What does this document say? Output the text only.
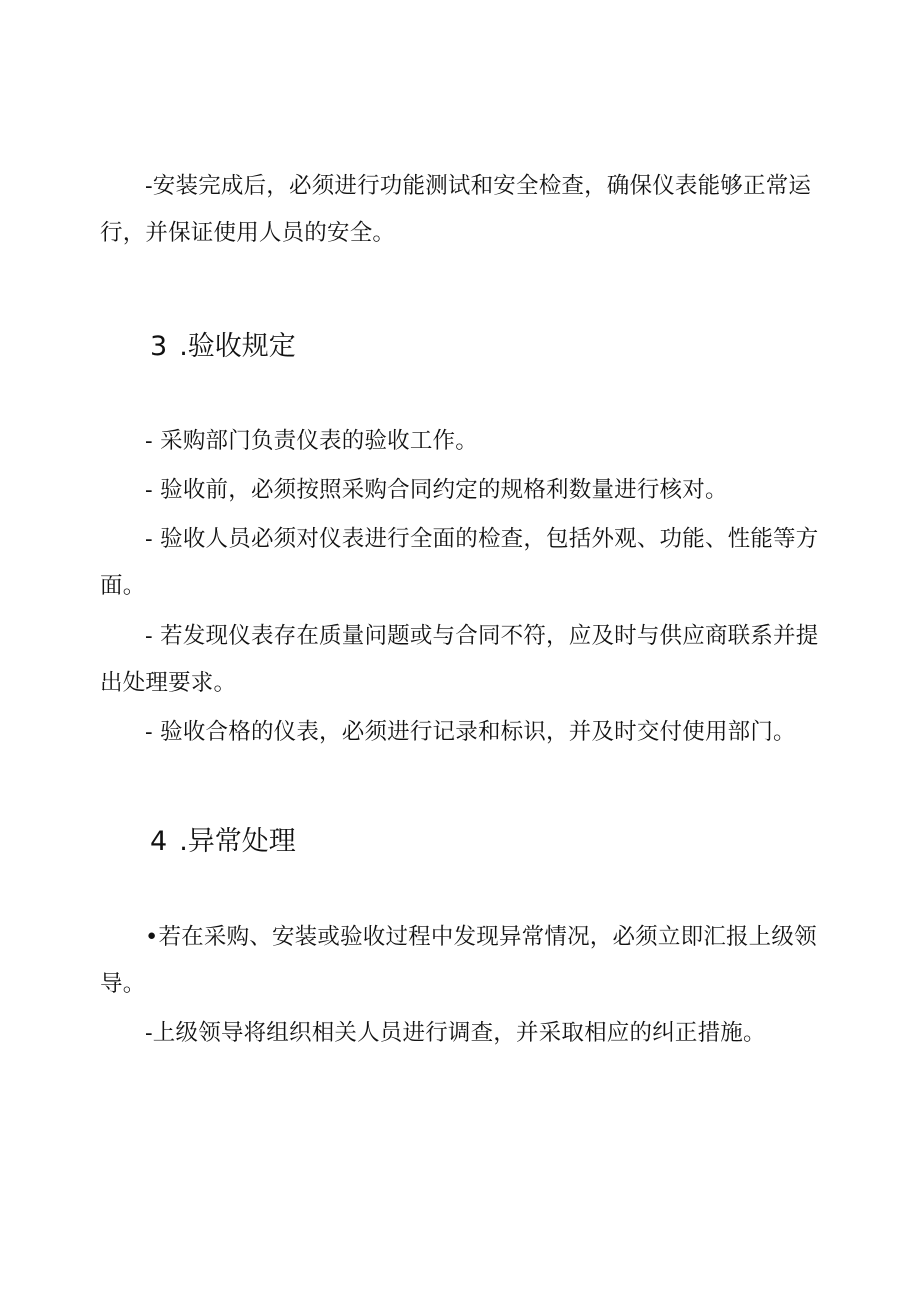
-安装完成后，必须进行功能测试和安全检查，确保仪表能够正常运行，并保证使用人员的安全。

3 .验收规定

- 采购部门负责仪表的验收工作。

- 验收前，必须按照采购合同约定的规格利数量进行核对。

- 验收人员必须对仪表进行全面的检查，包括外观、功能、性能等方面。

- 若发现仪表存在质量问题或与合同不符，应及时与供应商联系并提出处理要求。

- 验收合格的仪表，必须进行记录和标识，并及时交付使用部门。

4 .异常处理

•若在采购、安装或验收过程中发现异常情况，必须立即汇报上级领导。

-上级领导将组织相关人员进行调查，并采取相应的纠正措施。
